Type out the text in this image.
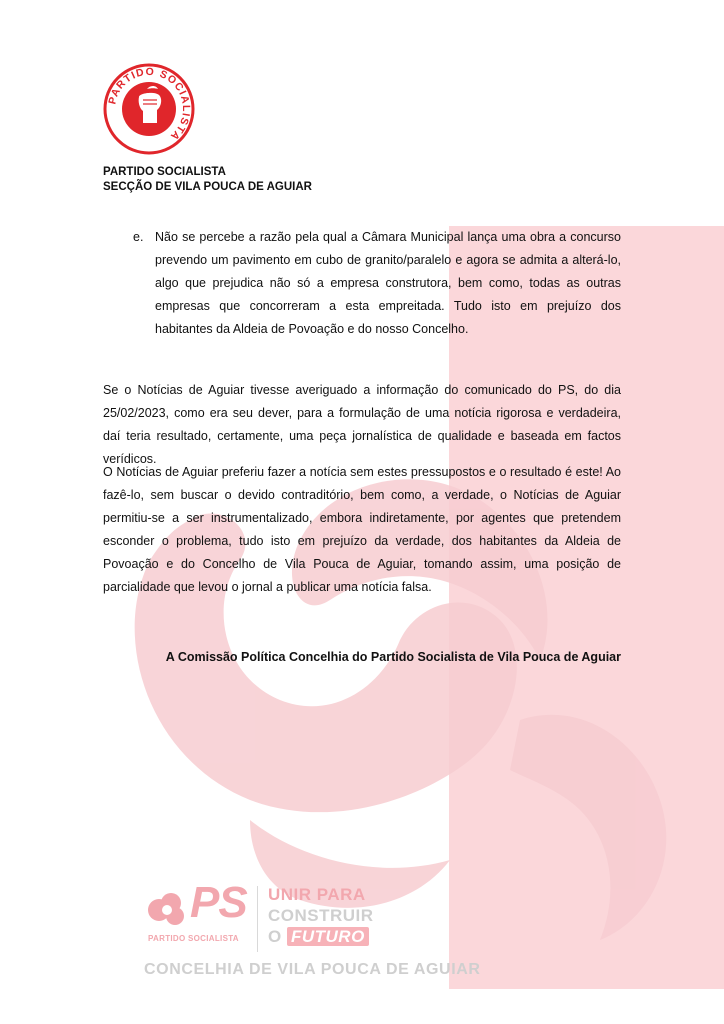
PARTIDO SOCIALISTA
PARTIDO SOCIALISTA
SECÇÃO DE VILA POUCA DE AGUIAR
e. Não se percebe a razão pela qual a Câmara Municipal lança uma obra a concurso prevendo um pavimento em cubo de granito/paralelo e agora se admita a alterá-lo, algo que prejudica não só a empresa construtora, bem como, todas as outras empresas que concorreram a esta empreitada. Tudo isto em prejuízo dos habitantes da Aldeia de Povoação e do nosso Concelho.

Se o Notícias de Aguiar tivesse averiguado a informação do comunicado do PS, do dia 25/02/2023, como era seu dever, para a formulação de uma notícia rigorosa e verdadeira, daí teria resultado, certamente, uma peça jornalística de qualidade e baseada em factos verídicos.

O Notícias de Aguiar preferiu fazer a notícia sem estes pressupostos e o resultado é este! Ao fazê-lo, sem buscar o devido contraditório, bem como, a verdade, o Notícias de Aguiar permitiu-se a ser instrumentalizado, embora indiretamente, por agentes que pretendem esconder o problema, tudo isto em prejuízo da verdade, dos habitantes da Aldeia de Povoação e do Concelho de Vila Pouca de Aguiar, tomando assim, uma posição de parcialidade que levou o jornal a publicar uma notícia falsa.

A Comissão Política Concelhia do Partido Socialista de Vila Pouca de Aguiar
PS
PARTIDO SOCIALISTA
UNIR PARA
CONSTRUIR
O FUTURO
CONCELHIA DE VILA POUCA DE AGUIAR
